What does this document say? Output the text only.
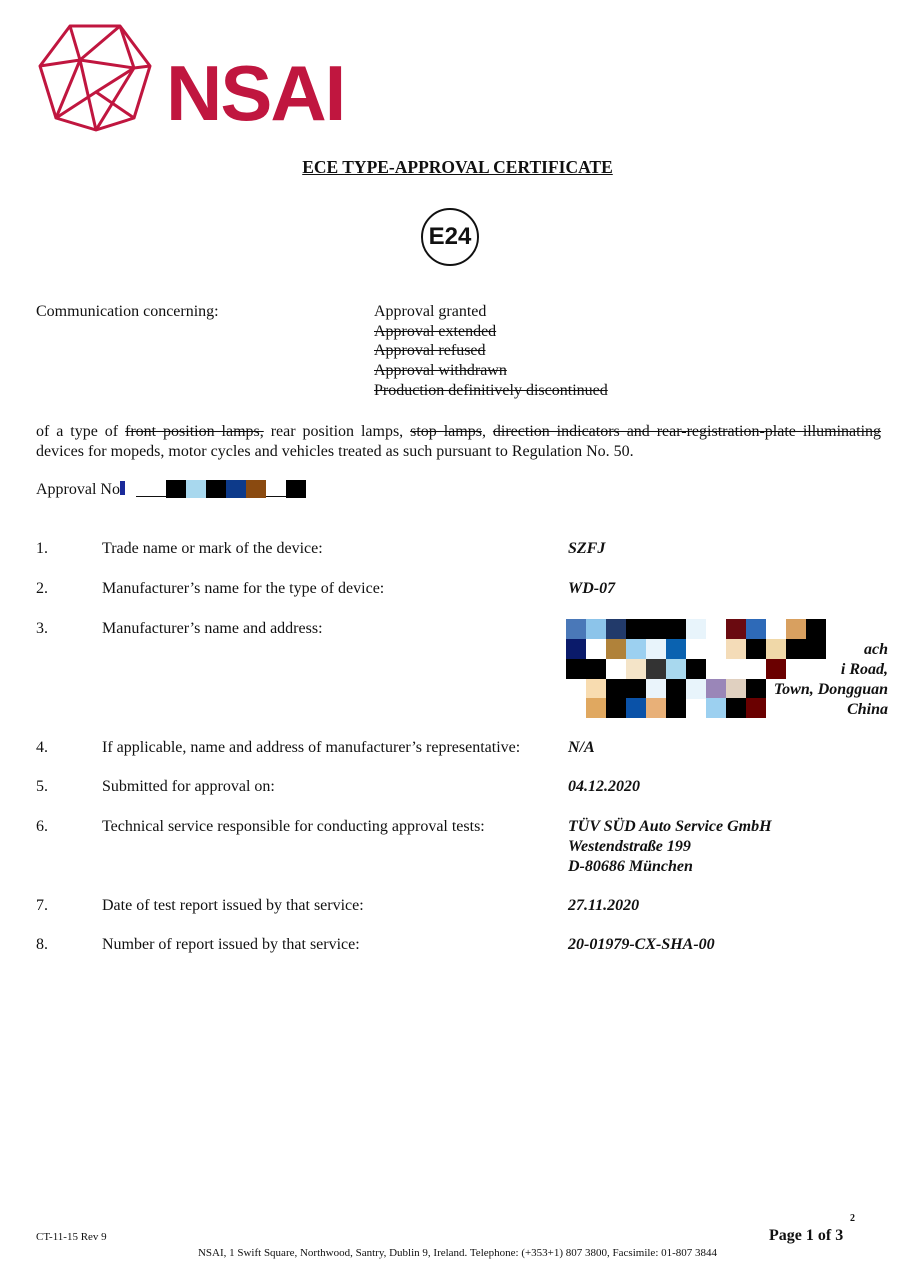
NSAI
ECE TYPE-APPROVAL CERTIFICATE
E24
Communication concerning:	Approval granted
Approval extended
Approval refused
Approval withdrawn
Production definitively discontinued
of a type of front position lamps, rear position lamps, stop lamps, direction indicators and rear-registration-plate illuminating devices for mopeds, motor cycles and vehicles treated as such pursuant to Regulation No. 50.
Approval No
1.	Trade name or mark of the device:	SZFJ
2.	Manufacturer’s name for the type of device:	WD-07
3.	Manufacturer’s name and address:
ach
i Road,
Town, Dongguan
China
4.	If applicable, name and address of manufacturer’s representative:	N/A
5.	Submitted for approval on:	04.12.2020
6.	Technical service responsible for conducting approval tests:	TÜV SÜD Auto Service GmbH
Westendstraße 199
D-80686 München
7.	Date of test report issued by that service:	27.11.2020
8.	Number of report issued by that service:	20-01979-CX-SHA-00
CT-11-15 Rev 9
2
Page 1 of 3
NSAI, 1 Swift Square, Northwood, Santry, Dublin 9, Ireland. Telephone: (+353+1) 807 3800, Facsimile: 01-807 3844
